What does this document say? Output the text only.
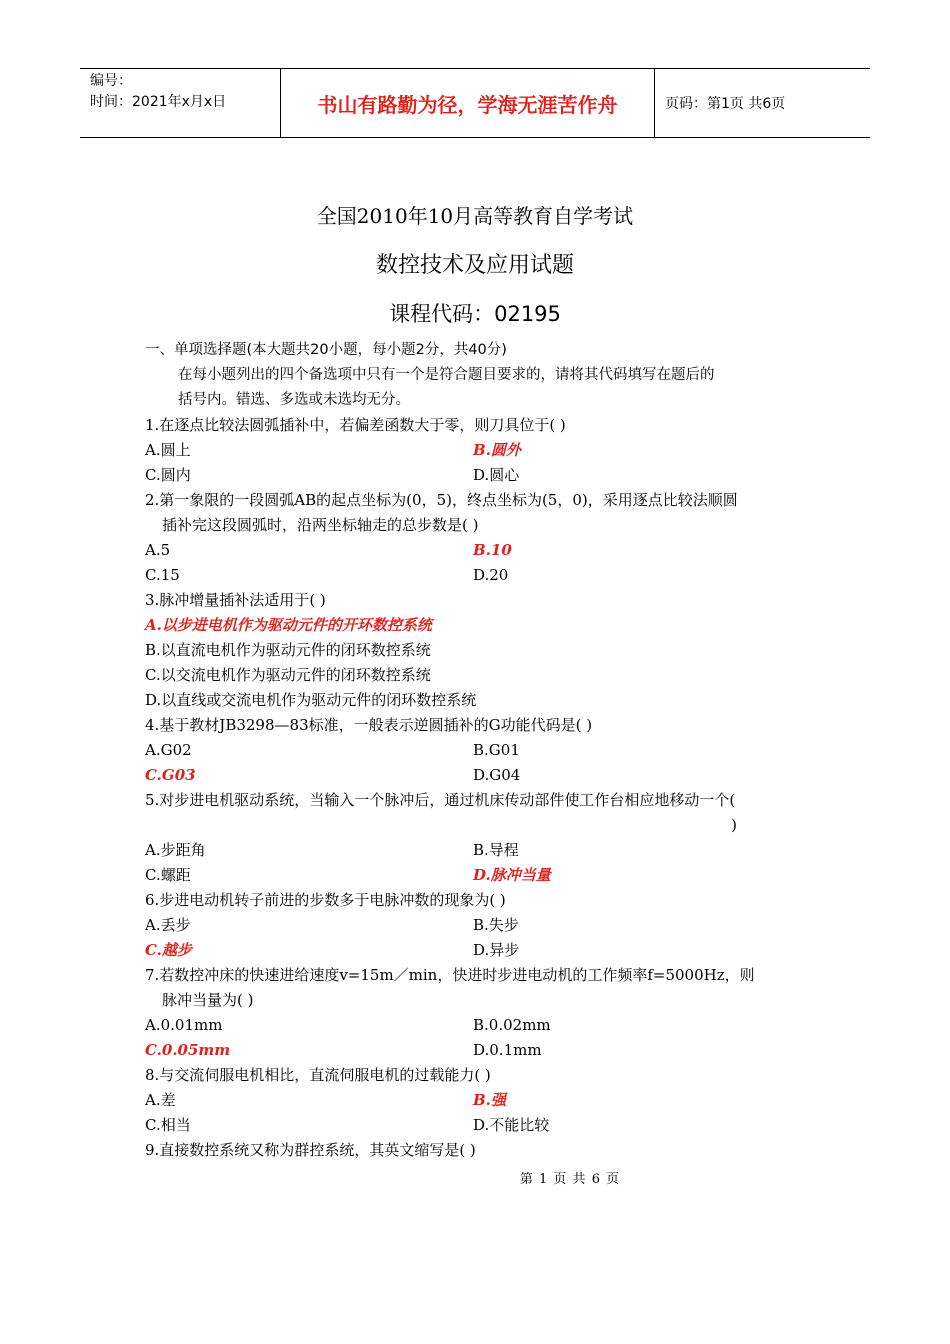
编号：
时间：2021年x月x日	书山有路勤为径，学海无涯苦作舟	页码：第1页 共6页
全国2010年10月高等教育自学考试
数控技术及应用试题
课程代码：02195
一、单项选择题(本大题共20小题，每小题2分，共40分)
在每小题列出的四个备选项中只有一个是符合题目要求的，请将其代码填写在题后的
括号内。错选、多选或未选均无分。
1.在逐点比较法圆弧插补中，若偏差函数大于零，则刀具位于( )
A.圆上	B.圆外
C.圆内	D.圆心
2.第一象限的一段圆弧AB的起点坐标为(0，5)，终点坐标为(5，0)，采用逐点比较法顺圆
插补完这段圆弧时，沿两坐标轴走的总步数是( )
A.5	B.10
C.15	D.20
3.脉冲增量插补法适用于( )
A.以步进电机作为驱动元件的开环数控系统
B.以直流电机作为驱动元件的闭环数控系统
C.以交流电机作为驱动元件的闭环数控系统
D.以直线或交流电机作为驱动元件的闭环数控系统
4.基于教材JB3298—83标准，一般表示逆圆插补的G功能代码是( )
A.G02	B.G01
C.G03	D.G04
5.对步进电机驱动系统，当输入一个脉冲后，通过机床传动部件使工作台相应地移动一个(
)
A.步距角	B.导程
C.螺距	D.脉冲当量
6.步进电动机转子前进的步数多于电脉冲数的现象为( )
A.丢步	B.失步
C.越步	D.异步
7.若数控冲床的快速进给速度v=15m／min，快进时步进电动机的工作频率f=5000Hz，则
脉冲当量为( )
A.0.01mm	B.0.02mm
C.0.05mm	D.0.1mm
8.与交流伺服电机相比，直流伺服电机的过载能力( )
A.差	B.强
C.相当	D.不能比较
9.直接数控系统又称为群控系统，其英文缩写是( )
第 1 页 共 6 页
